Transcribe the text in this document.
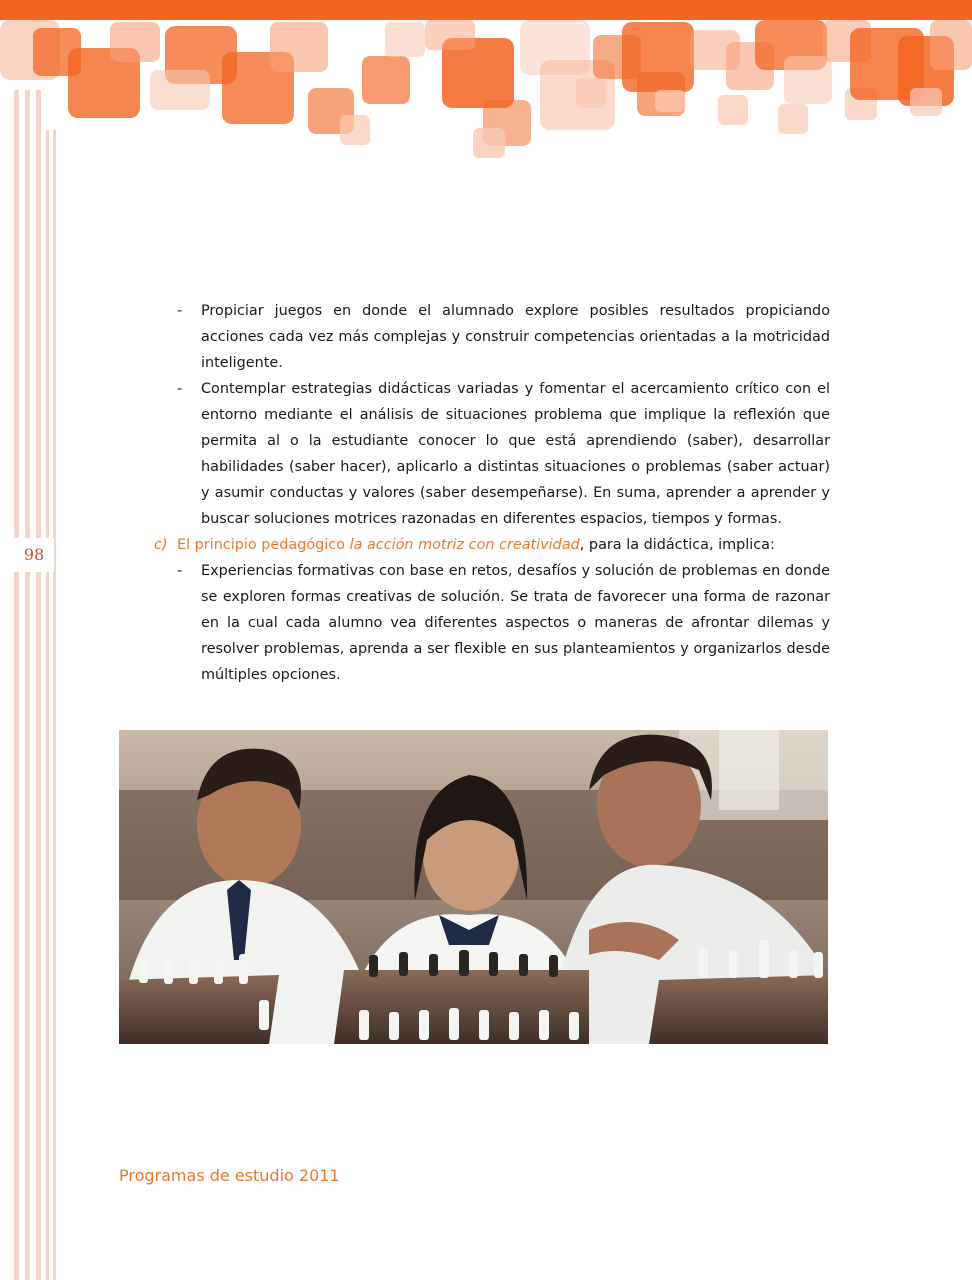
98
- Propiciar juegos en donde el alumnado explore posibles resultados propiciando acciones cada vez más complejas y construir competencias orientadas a la motricidad inteligente.
- Contemplar estrategias didácticas variadas y fomentar el acercamiento crítico con el entorno mediante el análisis de situaciones problema que implique la reflexión que permita al o la estudiante conocer lo que está aprendiendo (saber), desarrollar habilidades (saber hacer), aplicarlo a distintas situaciones o problemas (saber actuar) y asumir conductas y valores (saber desempeñarse). En suma, aprender a aprender y buscar soluciones motrices razonadas en diferentes espacios, tiempos y formas.
c) El principio pedagógico la acción motriz con creatividad, para la didáctica, implica:
- Experiencias formativas con base en retos, desafíos y solución de problemas en donde se exploren formas creativas de solución. Se trata de favorecer una forma de razonar en la cual cada alumno vea diferentes aspectos o maneras de afrontar dilemas y resolver problemas, aprenda a ser flexible en sus planteamientos y organizarlos desde múltiples opciones.
Programas de estudio 2011
